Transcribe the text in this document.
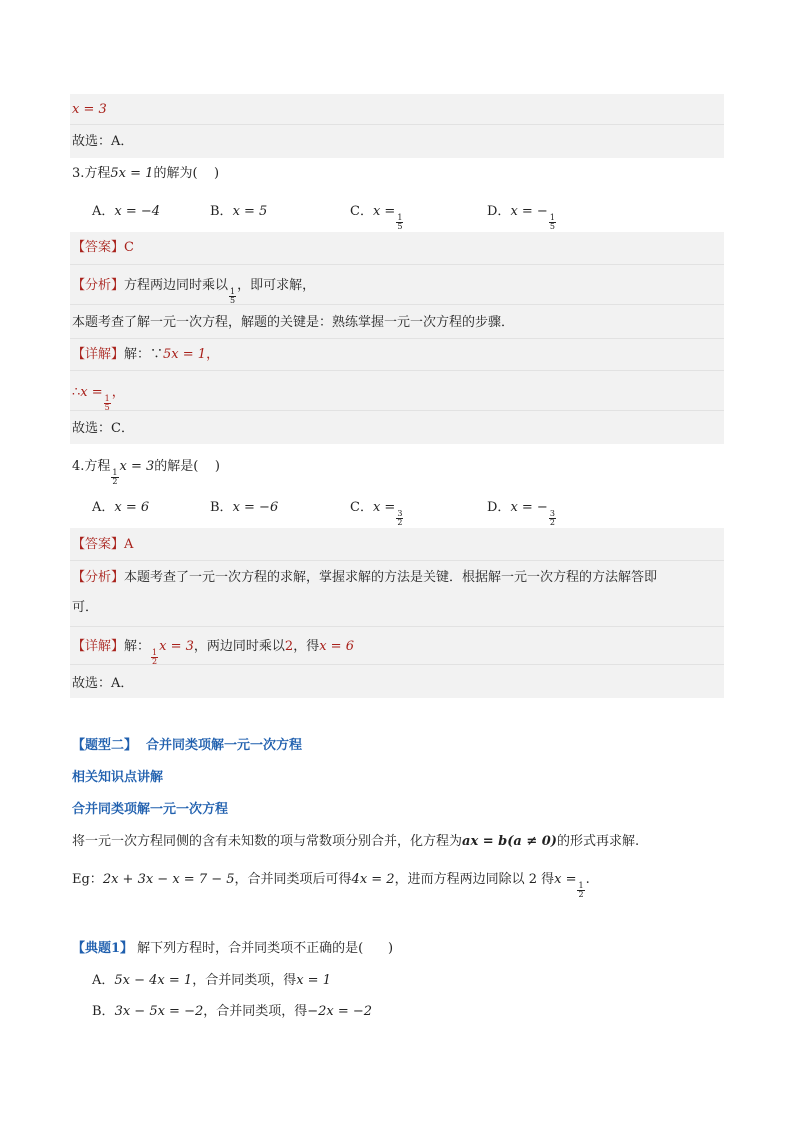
x = 3
故选：A．
3.方程5x = 1的解为(    )
A．x = −4	B．x = 5	C．x =
$\frac{1}{5}$
D．x = −
$\frac{1}{5}$
【答案】C
【分析】方程两边同时乘以
$\frac{1}{5}$
，即可求解，
本题考查了解一元一次方程，解题的关键是：熟练掌握一元一次方程的步骤．
【详解】解：∵5x = 1，
∴x =
$\frac{1}{5}$
，
故选：C．
4.方程
$\frac{1}{2}$
x = 3的解是(    )
A．x = 6	B．x = −6	C．x =
$\frac{3}{2}$
D．x = −
$\frac{3}{2}$
【答案】A
【分析】本题考查了一元一次方程的求解，掌握求解的方法是关键．根据解一元一次方程的方法解答即
可．
【详解】解：
$\frac{1}{2}$
x = 3，两边同时乘以2，得x = 6
故选：A．
【题型二】  合并同类项解一元一次方程
相关知识点讲解
合并同类项解一元一次方程
将一元一次方程同侧的含有未知数的项与常数项分别合并，化方程为ax = b(a ≠ 0)的形式再求解.
Eg：2x + 3x − x = 7 − 5，合并同类项后可得4x = 2，进而方程两边同除以 2 得x =
$\frac{1}{2}$
.
【典题1】 解下列方程时，合并同类项不正确的是(      )
A．5x − 4x = 1，合并同类项，得x = 1
B．3x − 5x = −2，合并同类项，得−2x = −2
